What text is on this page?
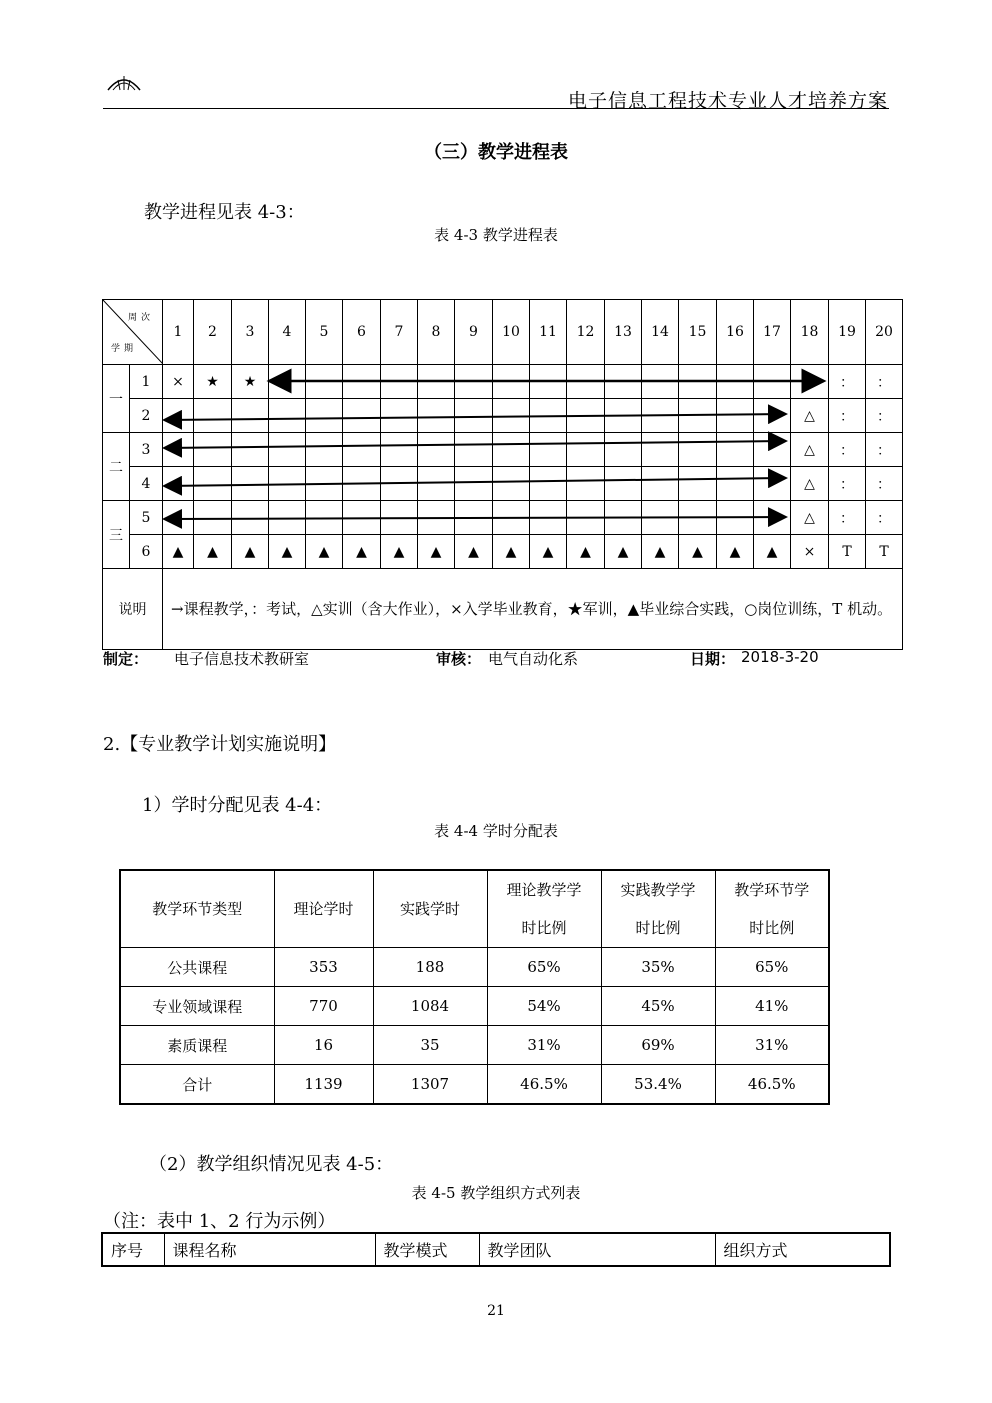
电子信息工程技术专业人才培养方案
（三）教学进程表
教学进程见表 4-3：
表 4-3 教学进程表
周次
学期		1	2	3	4	5	6	7	8	9	10	11	12	13	14	15	16	17	18	19	20
一	1	×	★	★																：	：
	2																		△	：	：
二	3																		△	：	：
	4																		△	：	：
三	5																		△	：	：
	6	▲	▲	▲	▲	▲	▲	▲	▲	▲	▲	▲	▲	▲	▲	▲	▲	▲	×	T	T
说明		→课程教学，：考试，△实训（含大作业），×入学毕业教育，★军训，▲毕业综合实践，○岗位训练，T 机动。																			
制定： 电子信息技术教研室	审核： 电气自动化系	日期： 2018-3-20
2.【专业教学计划实施说明】
1）学时分配见表 4-4：
表 4-4 学时分配表
教学环节类型	理论学时	实践学时	理论教学学时比例	实践教学学时比例	教学环节学时比例
公共课程	353	188	65%	35%	65%
专业领域课程	770	1084	54%	45%	41%
素质课程	16	35	31%	69%	31%
合计	1139	1307	46.5%	53.4%	46.5%
（2）教学组织情况见表 4-5：
表 4-5 教学组织方式列表
（注：表中 1、2 行为示例）
序号	课程名称	教学模式	教学团队	组织方式
21
